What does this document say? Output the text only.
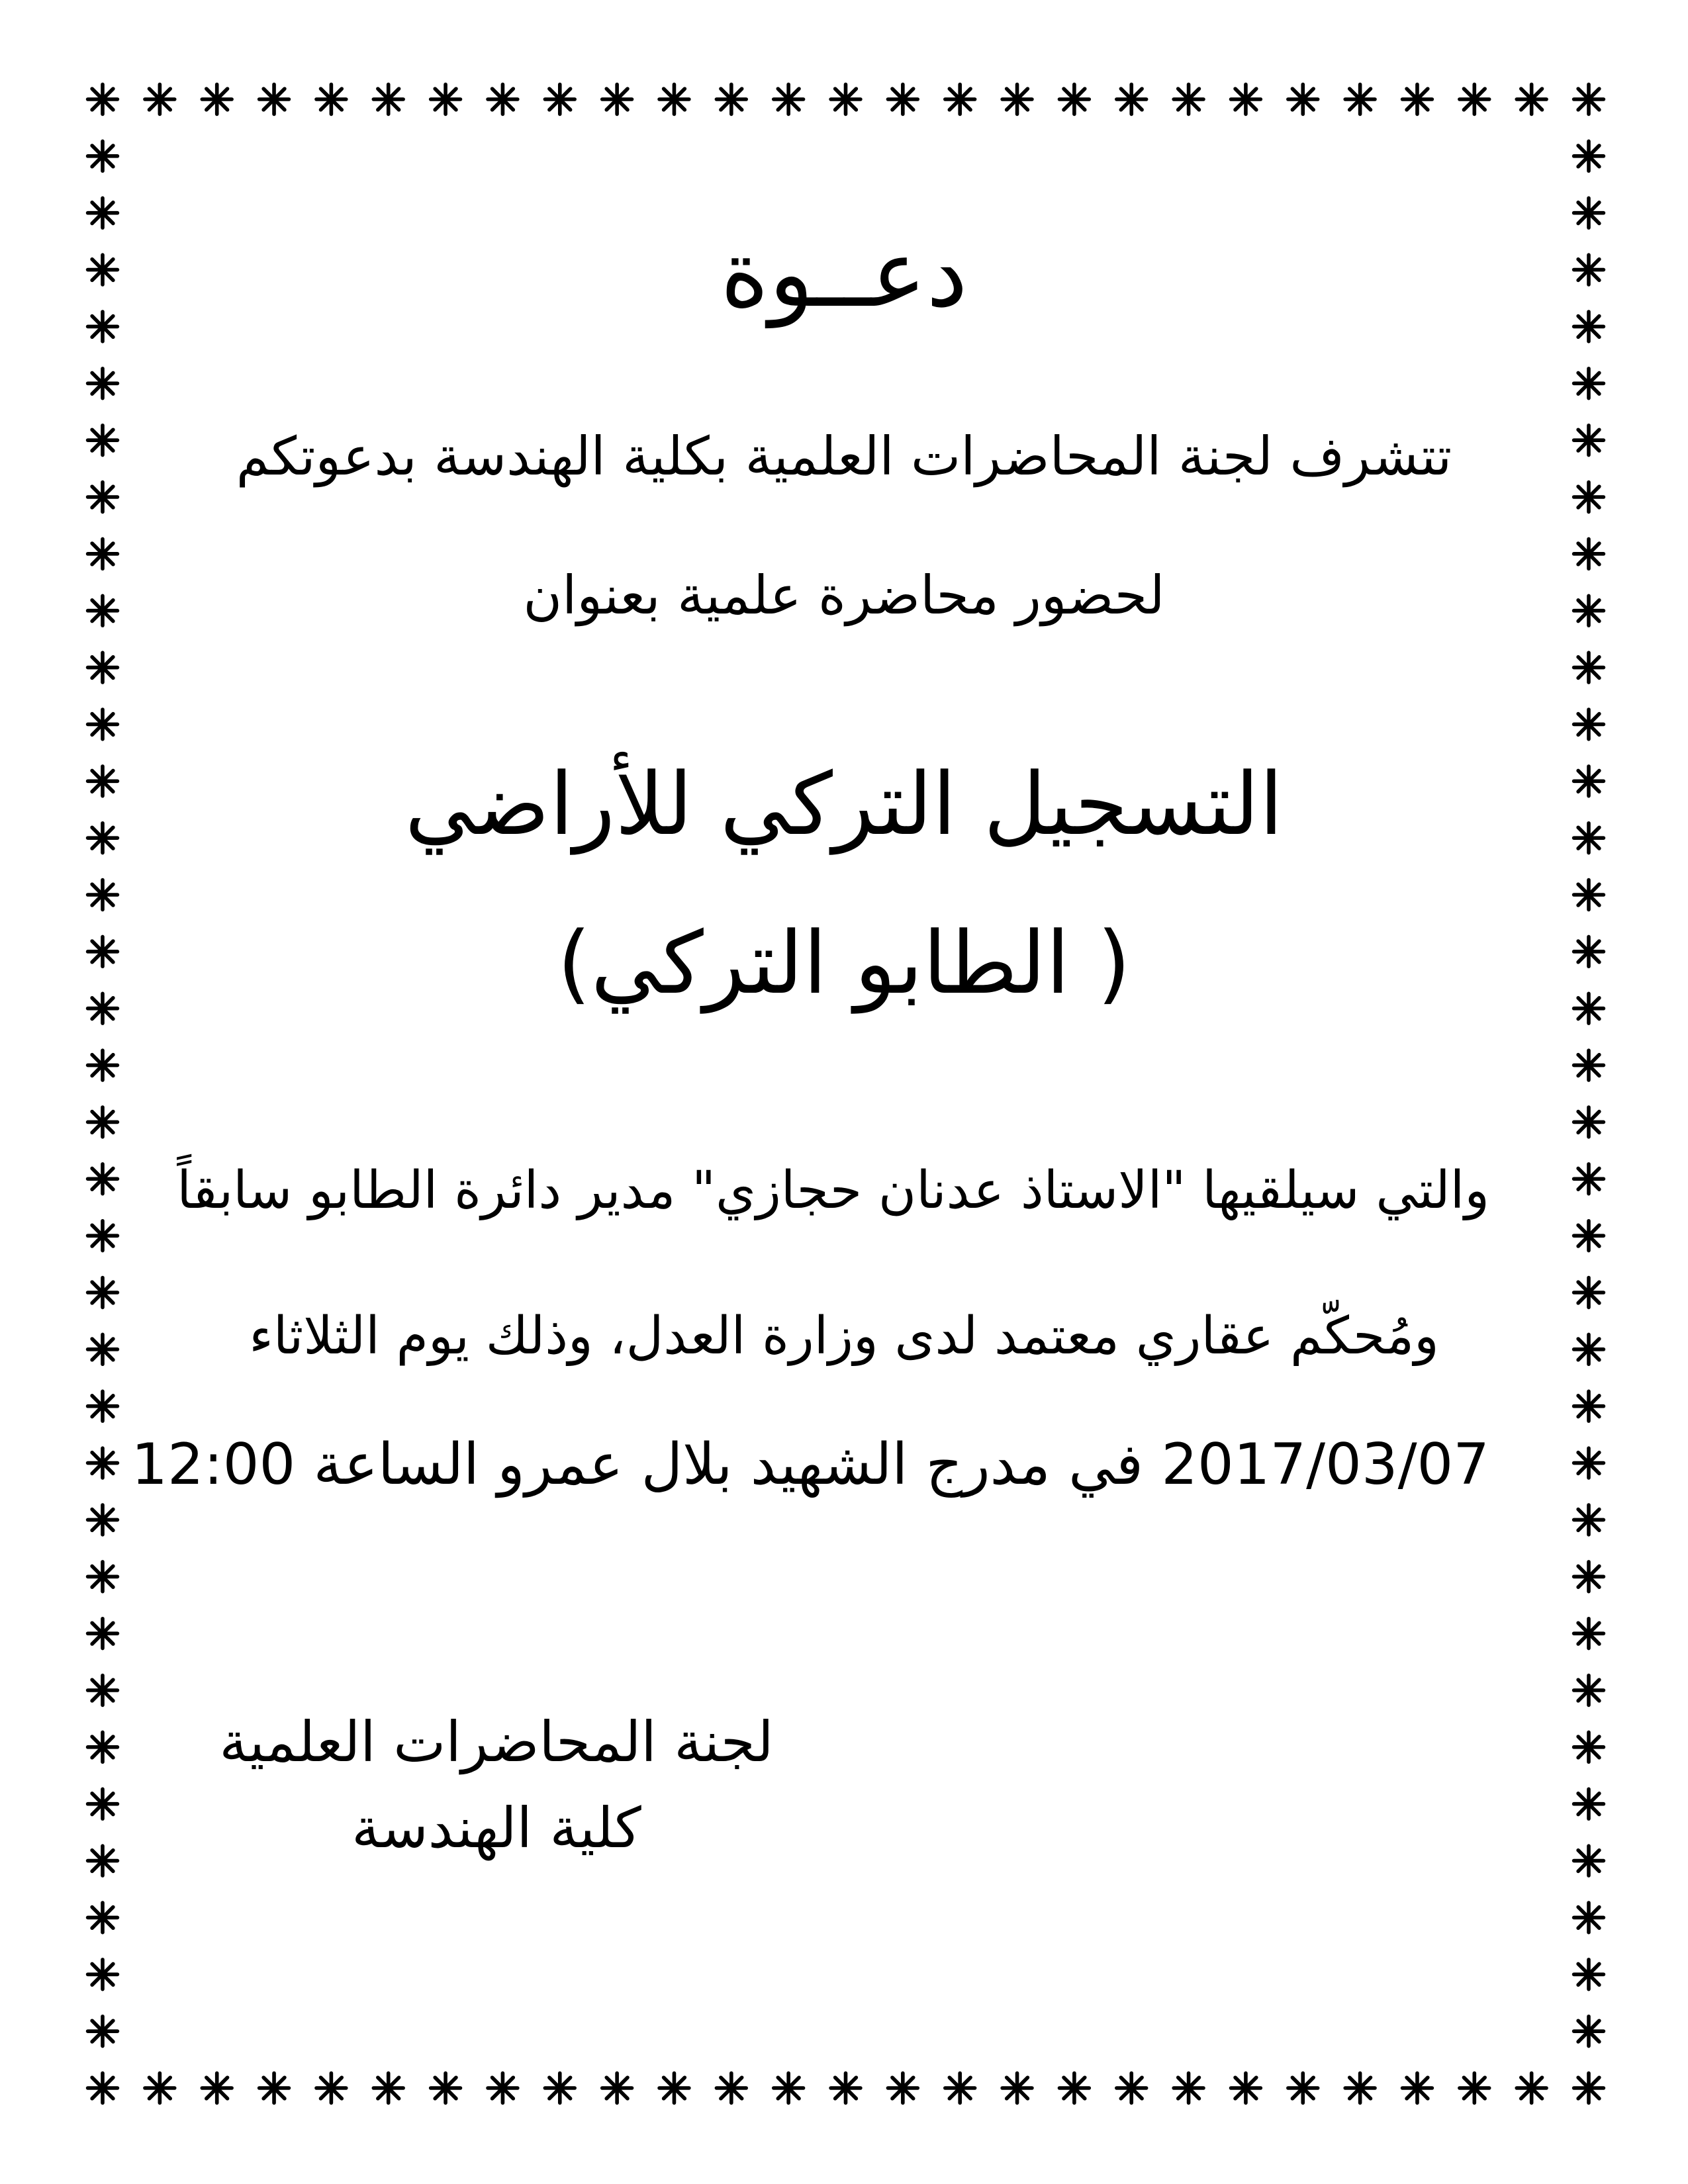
دعــوة
تتشرف لجنة المحاضرات العلمية بكلية الهندسة بدعوتكم
لحضور محاضرة علمية بعنوان
التسجيل التركي للأراضي
( الطابو التركي)
والتي سيلقيها "الاستاذ عدنان حجازي" مدير دائرة الطابو سابقاً
ومُحكّم عقاري معتمد لدى وزارة العدل، وذلك يوم الثلاثاء
2017/03/07 في مدرج الشهيد بلال عمرو الساعة 12:00
لجنة المحاضرات العلمية
كلية الهندسة
